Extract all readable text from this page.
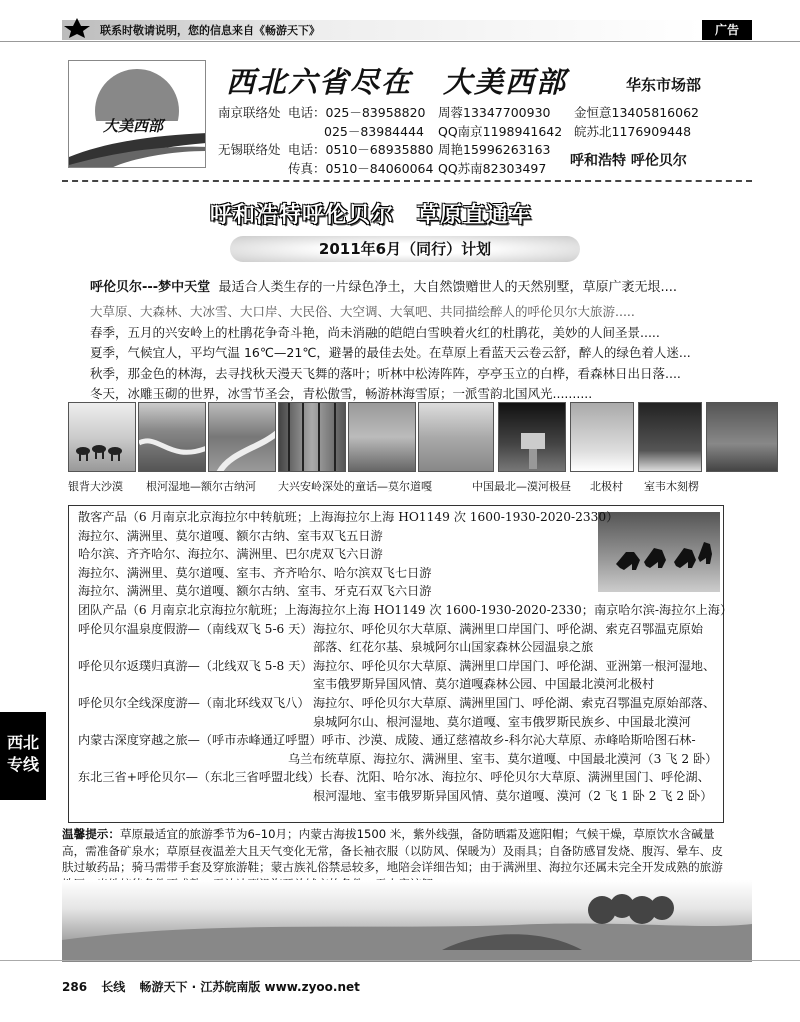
联系时敬请说明，您的信息来自《畅游天下》	广告
大美西部
西北六省尽在　大美西部	华东市场部
南京联络处 电话：025－83958820 周蓉13347700930 金恒意13405816062
025－83984444 QQ南京1198941642 皖苏北1176909448
无锡联络处 电话：0510－68935880 周艳15996263163
传真：0510－84060064 QQ苏南82303497 呼和浩特 呼伦贝尔
呼和浩特呼伦贝尔　草原直通车
2011年6月（同行）计划
呼伦贝尔---梦中天堂 最适合人类生存的一片绿色净土，大自然馈赠世人的天然别墅，草原广袤无垠....
大草原、大森林、大冰雪、大口岸、大民俗、大空调、大氧吧、共同描绘醉人的呼伦贝尔大旅游.....
春季，五月的兴安岭上的杜鹃花争奇斗艳，尚未消融的皑皑白雪映着火红的杜鹃花，美妙的人间圣景.....
夏季，气候宜人，平均气温 16℃—21℃，避暑的最佳去处。在草原上看蓝天云卷云舒，醉人的绿色着人迷...
秋季，那金色的林海，去寻找秋天漫天飞舞的落叶；听林中松涛阵阵，亭亭玉立的白桦，看森林日出日落....
冬天，冰雕玉砌的世界，冰雪节圣会，青松傲雪，畅游林海雪原；一派雪韵北国风光..........
银背大沙漠 根河湿地—额尔古纳河 大兴安岭深处的童话—莫尔道嘎	中国最北—漠河极昼 北极村 室韦木刻楞
散客产品（6 月南京北京海拉尔中转航班；上海海拉尔上海 HO1149 次 1600-1930-2020-2330）
海拉尔、满洲里、莫尔道嘎、额尔古纳、室韦双飞五日游
哈尔滨、齐齐哈尔、海拉尔、满洲里、巴尔虎双飞六日游
海拉尔、满洲里、莫尔道嘎、室韦、齐齐哈尔、哈尔滨双飞七日游
海拉尔、满洲里、莫尔道嘎、额尔古纳、室韦、牙克石双飞六日游
团队产品（6 月南京北京海拉尔航班；上海海拉尔上海 HO1149 次 1600-1930-2020-2330；南京哈尔滨-海拉尔上海）
呼伦贝尔温泉度假游—（南线双飞 5-6 天） 海拉尔、呼伦贝尔大草原、满洲里口岸国门、呼伦湖、索克召鄂温克原始
部落、红花尔基、泉城阿尔山国家森林公园温泉之旅
呼伦贝尔返璞归真游—（北线双飞 5-8 天） 海拉尔、呼伦贝尔大草原、满洲里口岸国门、呼伦湖、亚洲第一根河湿地、
室韦俄罗斯异国风情、莫尔道嘎森林公园、中国最北漠河北极村
呼伦贝尔全线深度游—（南北环线双飞八） 海拉尔、呼伦贝尔大草原、满洲里国门、呼伦湖、索克召鄂温克原始部落、
泉城阿尔山、根河湿地、莫尔道嘎、室韦俄罗斯民族乡、中国最北漠河
内蒙古深度穿越之旅—（呼市赤峰通辽呼盟）呼市、沙漠、成陵、通辽慈禧故乡-科尔沁大草原、赤峰哈斯哈图石林-
乌兰布统草原、海拉尔、满洲里、室韦、莫尔道嘎、中国最北漠河（3 飞 2 卧）
东北三省+呼伦贝尔—（东北三省呼盟北线）长春、沈阳、哈尔冰、海拉尔、呼伦贝尔大草原、满洲里国门、呼伦湖、
根河湿地、室韦俄罗斯异国风情、莫尔道嘎、漠河（2 飞 1 卧 2 飞 2 卧）
西北
专线
温馨提示：草原最适宜的旅游季节为6–10月；内蒙古海拔1500 米，紫外线强，备防晒霜及遮阳帽；气候干燥，草原饮水含碱量高，需准备矿泉水；草原昼夜温差大且天气变化无常，备长袖衣服（以防风、保暖为）及雨具；自备防感冒发烧、腹泻、晕车、皮肤过敏药品；骑马需带手套及穿旅游鞋；蒙古族礼俗禁忌较多，地陪会详细告知；由于满洲里、海拉尔还属未完全开发成熟的旅游
286 长线 畅游天下 · 江苏皖南版 www.zyoo.net
